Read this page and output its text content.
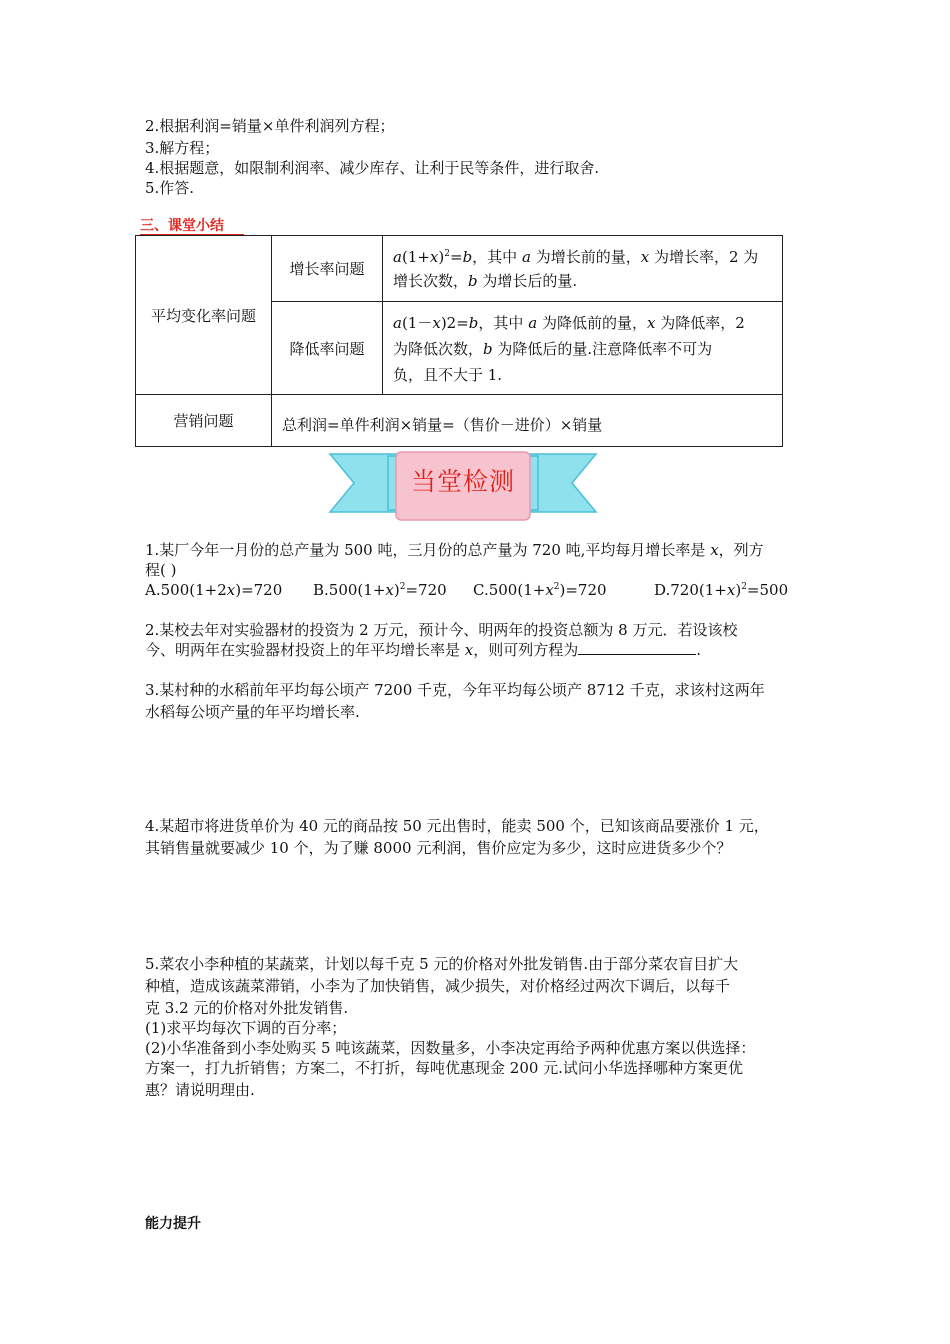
2.根据利润=销量×单件利润列方程；
3.解方程；
4.根据题意，如限制利润率、减少库存、让利于民等条件，进行取舍.
5.作答.
三、课堂小结
平均变化率问题	增长率问题	$a(1+x)^2=b$，其中 a 为增长前的量，x 为增长率，2 为
增长次数，b 为增长后的量.

	降低率问题	a(1－x)2=b，其中 a 为降低前的量，x 为降低率，2
为降低次数，b 为降低后的量.注意降低率不可为
负，且不大于 1.

营销问题	总利润=单件利润×销量=（售价－进价）×销量	
当堂检测
1.某厂今年一月份的总产量为 500 吨，三月份的总产量为 720 吨,平均每月增长率是 x，列方
程( )
A.500(1+2x)=720 $B.500(1+x)^2=720$ $C.500(1+x^2)=720$	$D.720(1+x)^2=500$
2.某校去年对实验器材的投资为 2 万元，预计今、明两年的投资总额为 8 万元．若设该校
今、明两年在实验器材投资上的年平均增长率是 x，则可列方程为	.
3.某村种的水稻前年平均每公顷产 7200 千克，今年平均每公顷产 8712 千克，求该村这两年
水稻每公顷产量的年平均增长率.
4.某超市将进货单价为 40 元的商品按 50 元出售时，能卖 500 个，已知该商品要涨价 1 元，
其销售量就要减少 10 个，为了赚 8000 元利润，售价应定为多少，这时应进货多少个？
5.菜农小李种植的某蔬菜，计划以每千克 5 元的价格对外批发销售.由于部分菜农盲目扩大
种植，造成该蔬菜滞销，小李为了加快销售，减少损失，对价格经过两次下调后，以每千
克 3.2 元的价格对外批发销售.
(1)求平均每次下调的百分率；
(2)小华准备到小李处购买 5 吨该蔬菜，因数量多，小李决定再给予两种优惠方案以供选择：
方案一，打九折销售；方案二，不打折，每吨优惠现金 200 元.试问小华选择哪种方案更优
惠？请说明理由.
能力提升
